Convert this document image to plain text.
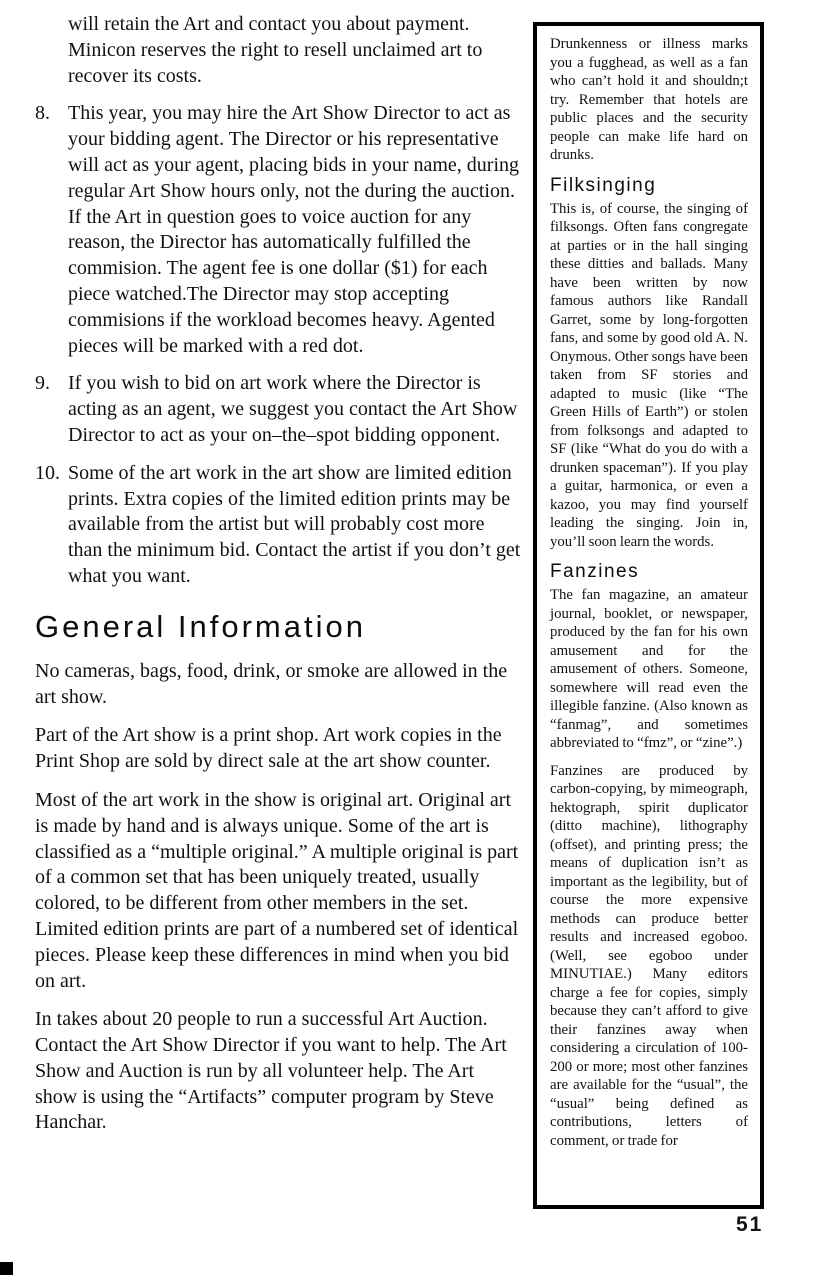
will retain the Art and contact you about payment. Minicon reserves the right to resell unclaimed art to recover its costs.
8. This year, you may hire the Art Show Director to act as your bidding agent. The Director or his representative will act as your agent, placing bids in your name, during regular Art Show hours only, not the during the auction. If the Art in question goes to voice auction for any reason, the Director has automatically fulfilled the commision. The agent fee is one dollar ($1) for each piece watched.The Director may stop accepting commisions if the workload becomes heavy. Agented pieces will be marked with a red dot.
9. If you wish to bid on art work where the Director is acting as an agent, we suggest you contact the Art Show Director to act as your on–the–spot bidding opponent.
10. Some of the art work in the art show are limited edition prints. Extra copies of the limited edition prints may be available from the artist but will probably cost more than the minimum bid. Contact the artist if you don’t get what you want.
General Information

No cameras, bags, food, drink, or smoke are allowed in the art show.

Part of the Art show is a print shop. Art work copies in the Print Shop are sold by direct sale at the art show counter.

Most of the art work in the show is original art. Original art is made by hand and is always unique. Some of the art is classified as a “multiple original.” A multiple original is part of a common set that has been uniquely treated, usually colored, to be different from other members in the set. Limited edition prints are part of a numbered set of identical pieces. Please keep these differences in mind when you bid on art.

In takes about 20 people to run a successful Art Auction. Contact the Art Show Director if you want to help. The Art Show and Auction is run by all volunteer help. The Art show is using the “Artifacts” computer program by Steve Hanchar.

Drunkenness or illness marks you a fugghead, as well as a fan who can’t hold it and shouldn;t try. Remember that hotels are public places and the security people can make life hard on drunks.

Filksinging

This is, of course, the singing of filksongs. Often fans congregate at parties or in the hall singing these ditties and ballads. Many have been written by now famous authors like Randall Garret, some by long-forgotten fans, and some by good old A. N. Onymous. Other songs have been taken from SF stories and adapted to music (like “The Green Hills of Earth”) or stolen from folksongs and adapted to SF (like “What do you do with a drunken spaceman”). If you play a guitar, harmonica, or even a kazoo, you may find yourself leading the singing. Join in, you’ll soon learn the words.

Fanzines

The fan magazine, an amateur journal, booklet, or newspaper, produced by the fan for his own amusement and for the amusement of others. Someone, somewhere will read even the illegible fanzine. (Also known as “fanmag”, and sometimes abbreviated to “fmz”, or “zine”.)

Fanzines are produced by carbon-copying, by mimeograph, hektograph, spirit duplicator (ditto machine), lithography (offset), and printing press; the means of duplication isn’t as important as the legibility, but of course the more expensive methods can produce better results and increased egoboo. (Well, see egoboo under MINUTIAE.) Many editors charge a fee for copies, simply because they can’t afford to give their fanzines away when considering a circulation of 100-200 or more; most other fanzines are available for the “usual”, the “usual” being defined as contributions, letters of comment, or trade for

51
